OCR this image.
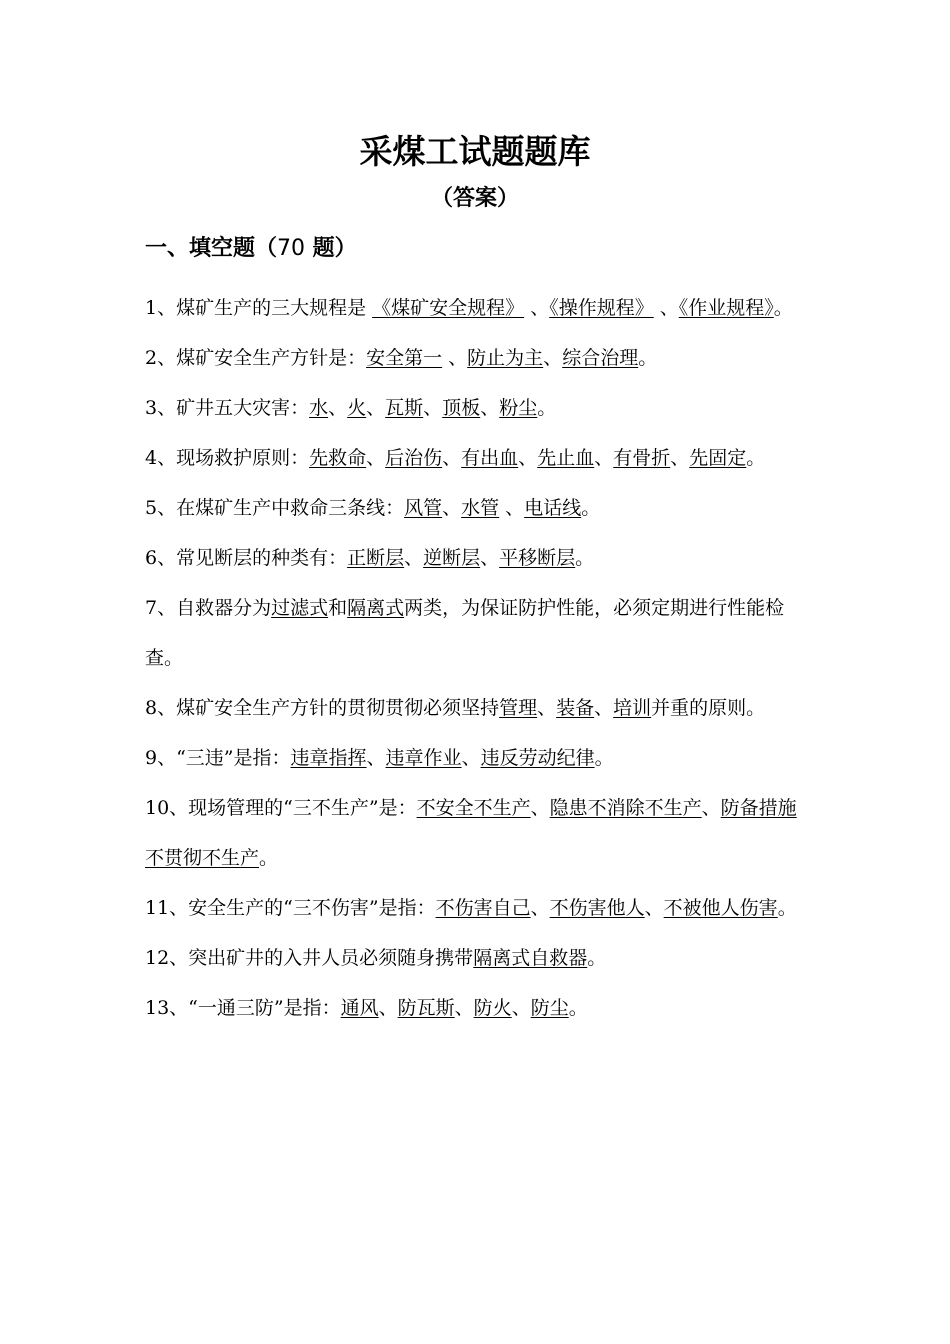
采煤工试题题库
（答案）
一、填空题（70 题）

1、煤矿生产的三大规程是 《煤矿安全规程》 、《操作规程》 、《作业规程》。

2、煤矿安全生产方针是：安全第一 、防止为主、综合治理。

3、矿井五大灾害：水、火、瓦斯、顶板、粉尘。

4、现场救护原则：先救命、后治伤、有出血、先止血、有骨折、先固定。

5、在煤矿生产中救命三条线：风管、水管 、电话线。

6、常见断层的种类有：正断层、逆断层、平移断层。

7、自救器分为过滤式和隔离式两类，为保证防护性能，必须定期进行性能检查。

8、煤矿安全生产方针的贯彻贯彻必须坚持管理、装备、培训并重的原则。

9、“三违”是指：违章指挥、违章作业、违反劳动纪律。

10、现场管理的“三不生产”是：不安全不生产、隐患不消除不生产、防备措施不贯彻不生产。

11、安全生产的“三不伤害”是指：不伤害自己、不伤害他人、不被他人伤害。

12、突出矿井的入井人员必须随身携带隔离式自救器。

13、“一通三防”是指：通风、防瓦斯、防火、防尘。
